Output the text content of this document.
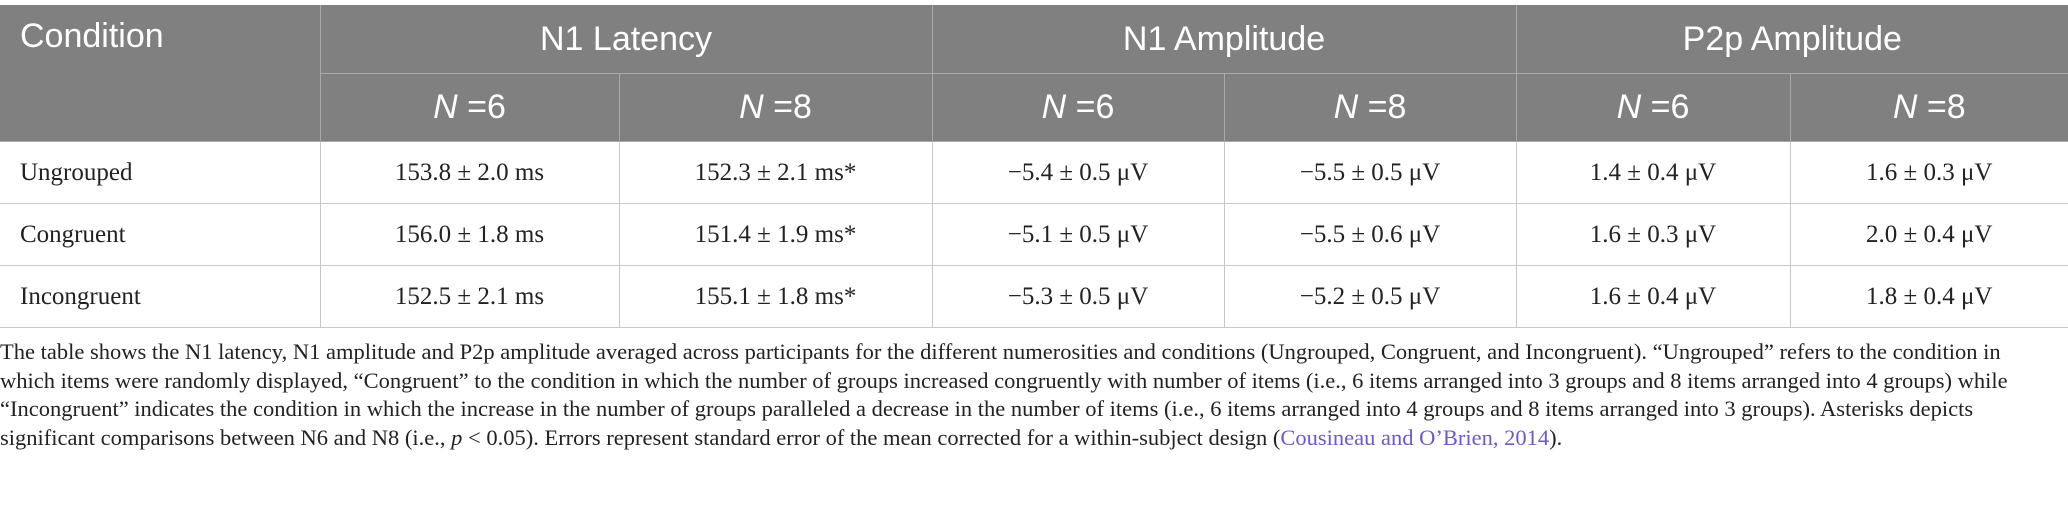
Condition	N1 Latency		N1 Amplitude		P2p Amplitude	
	N =6	N =8	N =6	N =8	N =6	N =8
Ungrouped	153.8 ± 2.0 ms	152.3 ± 2.1 ms*	−5.4 ± 0.5 μV	−5.5 ± 0.5 μV	1.4 ± 0.4 μV	1.6 ± 0.3 μV
Congruent	156.0 ± 1.8 ms	151.4 ± 1.9 ms*	−5.1 ± 0.5 μV	−5.5 ± 0.6 μV	1.6 ± 0.3 μV	2.0 ± 0.4 μV
Incongruent	152.5 ± 2.1 ms	155.1 ± 1.8 ms*	−5.3 ± 0.5 μV	−5.2 ± 0.5 μV	1.6 ± 0.4 μV	1.8 ± 0.4 μV

The table shows the N1 latency, N1 amplitude and P2p amplitude averaged across participants for the different numerosities and conditions (Ungrouped, Congruent, and Incongruent). “Ungrouped” refers to the condition in which items were randomly displayed, “Congruent” to the condition in which the number of groups increased congruently with number of items (i.e., 6 items arranged into 3 groups and 8 items arranged into 4 groups) while “Incongruent” indicates the condition in which the increase in the number of groups paralleled a decrease in the number of items (i.e., 6 items arranged into 4 groups and 8 items arranged into 3 groups). Asterisks depicts significant comparisons between N6 and N8 (i.e., p < 0.05). Errors represent standard error of the mean corrected for a within-subject design (Cousineau and O’Brien, 2014).
